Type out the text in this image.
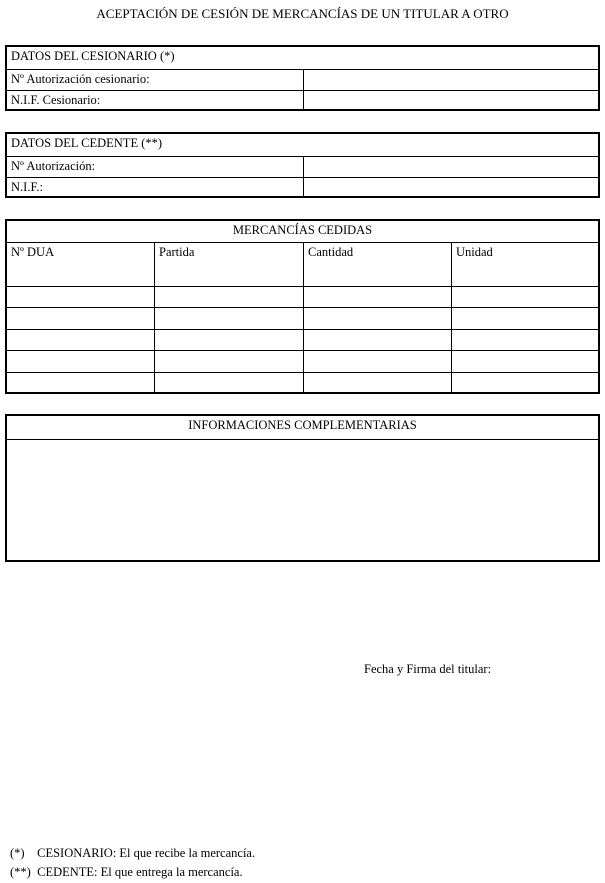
ACEPTACIÓN DE CESIÓN DE MERCANCÍAS DE UN TITULAR A OTRO
DATOS DEL CESIONARIO (*)
Nº Autorización cesionario:
N.I.F. Cesionario:
DATOS DEL CEDENTE (**)
Nº Autorización:
N.I.F.:
MERCANCÍAS CEDIDAS
Nº DUA	Partida	Cantidad	Unidad
INFORMACIONES COMPLEMENTARIAS
Fecha y Firma del titular:
(*) CESIONARIO: El que recibe la mercancía.
(**) CEDENTE: El que entrega la mercancía.
